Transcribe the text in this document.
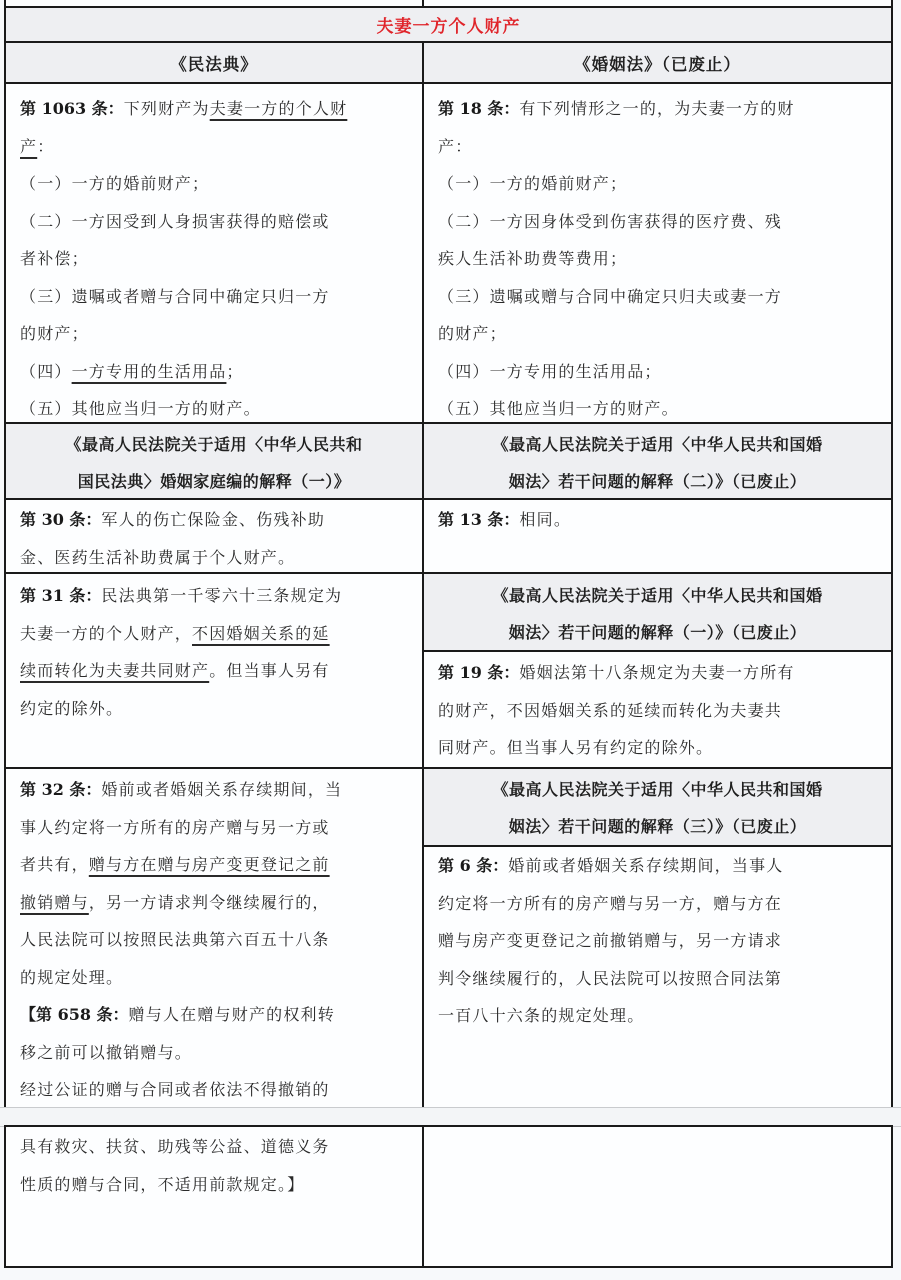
夫妻一方个人财产
《民法典》	《婚姻法》（已废止）
第 1063 条：下列财产为夫妻一方的个人财
产：
（一）一方的婚前财产；
（二）一方因受到人身损害获得的赔偿或
者补偿；
（三）遗嘱或者赠与合同中确定只归一方
的财产；
（四）一方专用的生活用品；
（五）其他应当归一方的财产。
第 18 条：有下列情形之一的，为夫妻一方的财
产：
（一）一方的婚前财产；
（二）一方因身体受到伤害获得的医疗费、残
疾人生活补助费等费用；
（三）遗嘱或赠与合同中确定只归夫或妻一方
的财产；
（四）一方专用的生活用品；
（五）其他应当归一方的财产。
《最高人民法院关于适用〈中华人民共和
国民法典〉婚姻家庭编的解释（一）》
《最高人民法院关于适用〈中华人民共和国婚
姻法〉若干问题的解释（二）》（已废止）
第 30 条：军人的伤亡保险金、伤残补助
金、医药生活补助费属于个人财产。
第 13 条：相同。
第 31 条：民法典第一千零六十三条规定为
夫妻一方的个人财产，不因婚姻关系的延
续而转化为夫妻共同财产。但当事人另有
约定的除外。
《最高人民法院关于适用〈中华人民共和国婚
姻法〉若干问题的解释（一）》（已废止）
第 19 条：婚姻法第十八条规定为夫妻一方所有
的财产，不因婚姻关系的延续而转化为夫妻共
同财产。但当事人另有约定的除外。
第 32 条：婚前或者婚姻关系存续期间，当
事人约定将一方所有的房产赠与另一方或
者共有，赠与方在赠与房产变更登记之前
撤销赠与，另一方请求判令继续履行的，
人民法院可以按照民法典第六百五十八条
的规定处理。
【第 658 条：赠与人在赠与财产的权利转
移之前可以撤销赠与。
经过公证的赠与合同或者依法不得撤销的
《最高人民法院关于适用〈中华人民共和国婚
姻法〉若干问题的解释（三）》（已废止）
第 6 条：婚前或者婚姻关系存续期间，当事人
约定将一方所有的房产赠与另一方，赠与方在
赠与房产变更登记之前撤销赠与，另一方请求
判令继续履行的，人民法院可以按照合同法第
一百八十六条的规定处理。
具有救灾、扶贫、助残等公益、道德义务
性质的赠与合同，不适用前款规定。】
